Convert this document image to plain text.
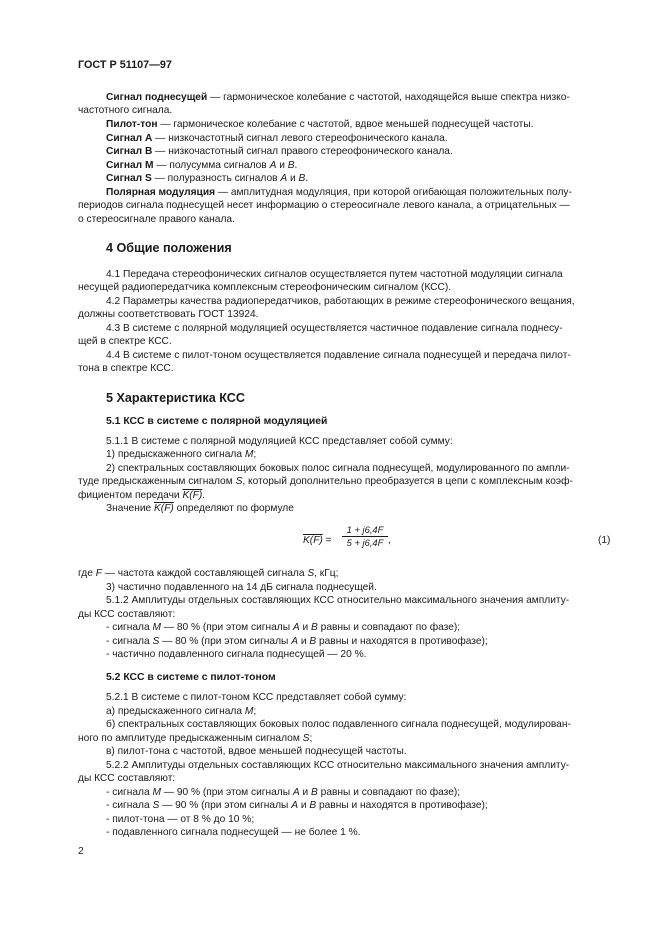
ГОСТ Р 51107—97
Сигнал поднесущей — гармоническое колебание с частотой, находящейся выше спектра низко-
частотного сигнала.
Пилот-тон — гармоническое колебание с частотой, вдвое меньшей поднесущей частоты.
Сигнал A — низкочастотный сигнал левого стереофонического канала.
Сигнал B — низкочастотный сигнал правого стереофонического канала.
Сигнал M — полусумма сигналов A и B.
Сигнал S — полуразность сигналов A и B.
Полярная модуляция — амплитудная модуляция, при которой огибающая положительных полу-
периодов сигнала поднесущей несет информацию о стереосигнале левого канала, а отрицательных —
о стереосигнале правого канала.
4 Общие положения
4.1 Передача стереофонических сигналов осуществляется путем частотной модуляции сигнала
несущей радиопередатчика комплексным стереофоническим сигналом (КСС).
4.2 Параметры качества радиопередатчиков, работающих в режиме стереофонического вещания,
должны соответствовать ГОСТ 13924.
4.3 В системе с полярной модуляцией осуществляется частичное подавление сигнала поднесу-
щей в спектре КСС.
4.4 В системе с пилот-тоном осуществляется подавление сигнала поднесущей и передача пилот-
тона в спектре КСС.
5 Характеристика КСС
5.1 КСС в системе с полярной модуляцией
5.1.1 В системе с полярной модуляцией КСС представляет собой сумму:
1) предыскаженного сигнала M;
2) спектральных составляющих боковых полос сигнала поднесущей, модулированного по ампли-
туде предыскаженным сигналом S, который дополнительно преобразуется в цепи с комплексным коэф-
фициентом передачи K(F).
Значение K(F) определяют по формуле
$K(F) = \frac{1 + j6,4F}{5 + j6,4F}$ ,	(1)
где F — частота каждой составляющей сигнала S, кГц;
3) частично подавленного на 14 дБ сигнала поднесущей.
5.1.2 Амплитуды отдельных составляющих КСС относительно максимального значения амплиту-
ды КСС составляют:
- сигнала M — 80 % (при этом сигналы A и B равны и совпадают по фазе);
- сигнала S — 80 % (при этом сигналы A и B равны и находятся в противофазе);
- частично подавленного сигнала поднесущей — 20 %.
5.2 КСС в системе с пилот-тоном
5.2.1 В системе с пилот-тоном КСС представляет собой сумму:
а) предыскаженного сигнала M;
б) спектральных составляющих боковых полос подавленного сигнала поднесущей, модулирован-
ного по амплитуде предыскаженным сигналом S;
в) пилот-тона с частотой, вдвое меньшей поднесущей частоты.
5.2.2 Амплитуды отдельных составляющих КСС относительно максимального значения амплиту-
ды КСС составляют:
- сигнала M — 90 % (при этом сигналы A и B равны и совпадают по фазе);
- сигнала S — 90 % (при этом сигналы A и B равны и находятся в противофазе);
- пилот-тона — от 8 % до 10 %;
- подавленного сигнала поднесущей — не более 1 %.
2
